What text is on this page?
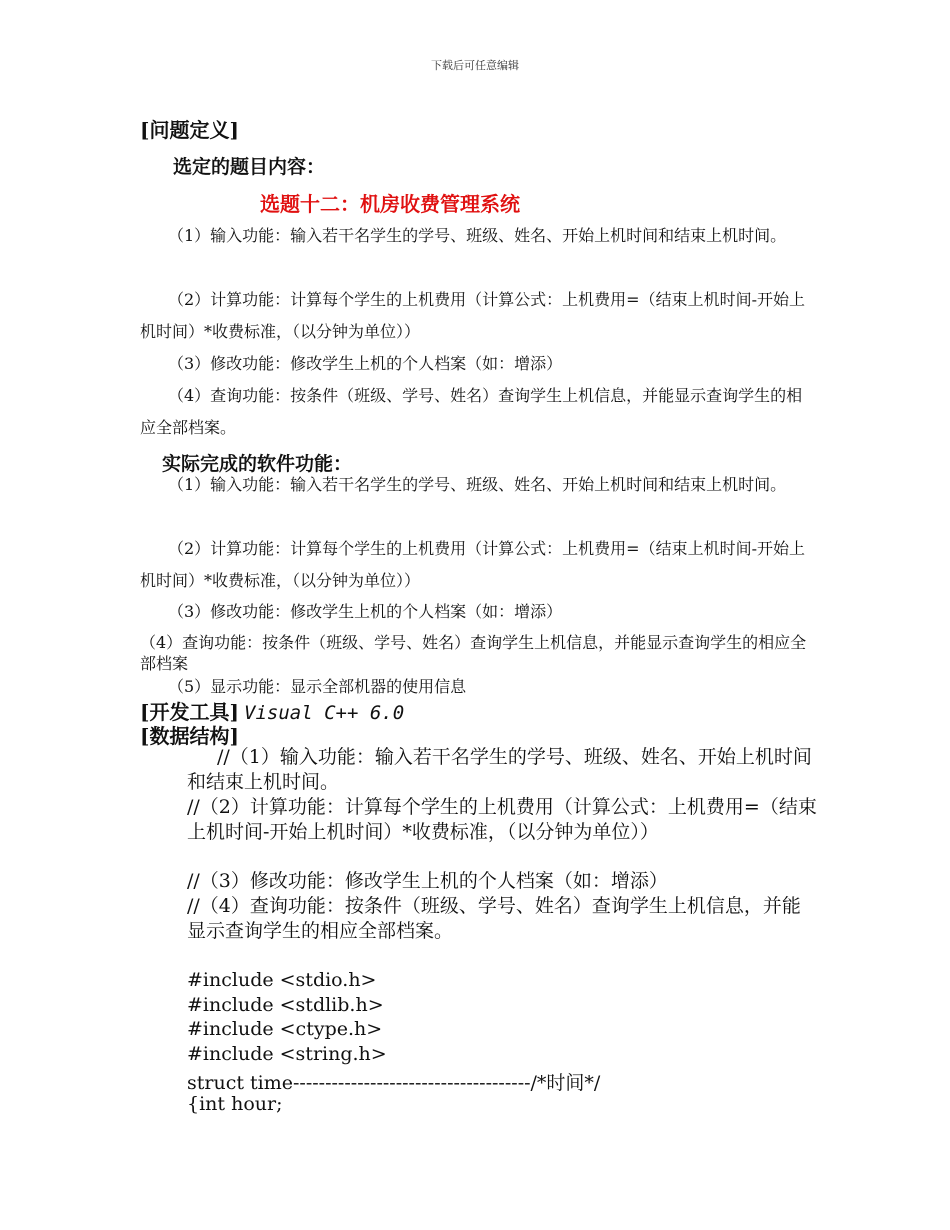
下载后可任意编辑
[问题定义]
选定的题目内容：
选题十二：机房收费管理系统
（1）输入功能：输入若干名学生的学号、班级、姓名、开始上机时间和结束上机时间。
（2）计算功能：计算每个学生的上机费用（计算公式：上机费用=（结束上机时间-开始上机时间）*收费标准，（以分钟为单位））
（3）修改功能：修改学生上机的个人档案（如：增添）
（4）查询功能：按条件（班级、学号、姓名）查询学生上机信息，并能显示查询学生的相应全部档案。
实际完成的软件功能：
（1）输入功能：输入若干名学生的学号、班级、姓名、开始上机时间和结束上机时间。
（2）计算功能：计算每个学生的上机费用（计算公式：上机费用=（结束上机时间-开始上机时间）*收费标准，（以分钟为单位））
（3）修改功能：修改学生上机的个人档案（如：增添）
（4）查询功能：按条件（班级、学号、姓名）查询学生上机信息，并能显示查询学生的相应全部档案
（5）显示功能：显示全部机器的使用信息
[开发工具] Visual C++ 6.0
[数据结构]
//（1）输入功能：输入若干名学生的学号、班级、姓名、开始上机时间和结束上机时间。
//（2）计算功能：计算每个学生的上机费用（计算公式：上机费用=（结束上机时间-开始上机时间）*收费标准，（以分钟为单位））
//（3）修改功能：修改学生上机的个人档案（如：增添）
//（4）查询功能：按条件（班级、学号、姓名）查询学生上机信息，并能显示查询学生的相应全部档案。
#include <stdio.h>
#include <stdlib.h>
#include <ctype.h>
#include <string.h>
struct time-------------------------------------/*时间*/
{int hour;
